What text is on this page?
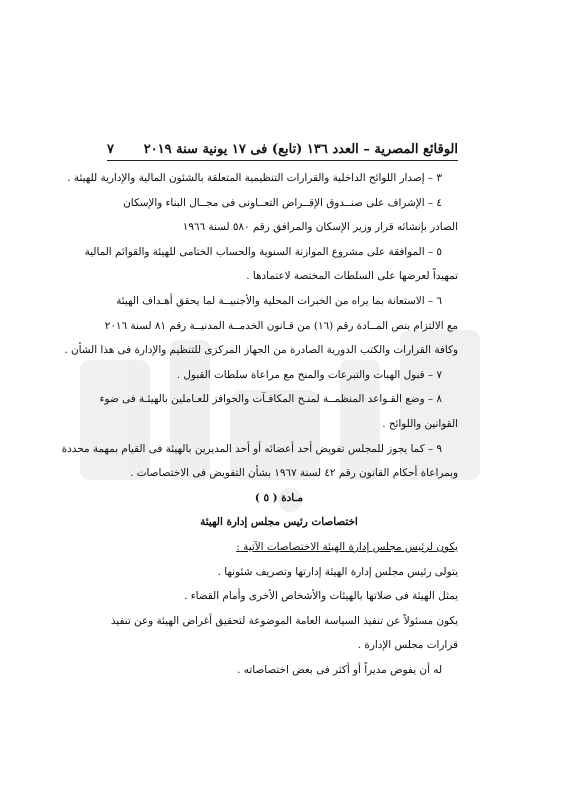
الوقائع المصرية – العدد ١٣٦ (تابع) فى ١٧ يونية سنة ٢٠١٩
٧
٣ – إصدار اللوائح الداخلية والقرارات التنظيمية المتعلقة بالشئون المالية والإدارية للهيئة .
٤ – الإشراف على صنــدوق الإقــراض التعــاونى فى مجــال البناء والإسكان
الصادر بإنشائه قرار وزير الإسكان والمرافق رقم ٥٨٠ لسنة ١٩٦٦
٥ – الموافقة على مشروع الموازنة السنوية والحساب الختامى للهيئة والقوائم المالية
تمهيداً لعرضها على السلطات المختصة لاعتمادها .
٦ – الاستعانة بما يراه من الخبرات المحلية والأجنبيــة لما يحقق أهـداف الهيئة
مع الالتزام بنص المــادة رقم (١٦) من قـانون الخدمــة المدنيــة رقم ٨١ لسنة ٢٠١٦
وكافة القرارات والكتب الدورية الصادرة من الجهاز المركزى للتنظيم والإدارة فى هذا الشأن .
٧ – قبول الهبات والتبرعات والمنح مع مراعاة سلطات القبول .
٨ – وضع القـواعد المنظمــة لمنـح المكافـآت والحوافز للعـاملين بالهيئـة فى ضوء
القوانين واللوائح .
٩ – كما يجوز للمجلس تفويض أحد أعضائه أو أحد المديرين بالهيئة فى القيام بمهمة محددة
وبمراعاة أحكام القانون رقم ٤٢ لسنة ١٩٦٧ بشأن التفويض فى الاختصاصات .
مـادة ( ٥ )
اختصاصات رئيس مجلس إدارة الهيئة
يكون لرئيس مجلس إدارة الهيئة الاختصاصات الآتية :
يتولى رئيس مجلس إدارة الهيئة إدارتها وتصريف شئونها .
يمثل الهيئة فى صلاتها بالهيئات والأشخاص الأخرى وأمام القضاء .
يكون مسئولاً عن تنفيذ السياسة العامة الموضوعة لتحقيق أغراض الهيئة وعن تنفيذ
قرارات مجلس الإدارة .
له أن يفوض مديراً أو أكثر فى بعض اختصاصاته .
